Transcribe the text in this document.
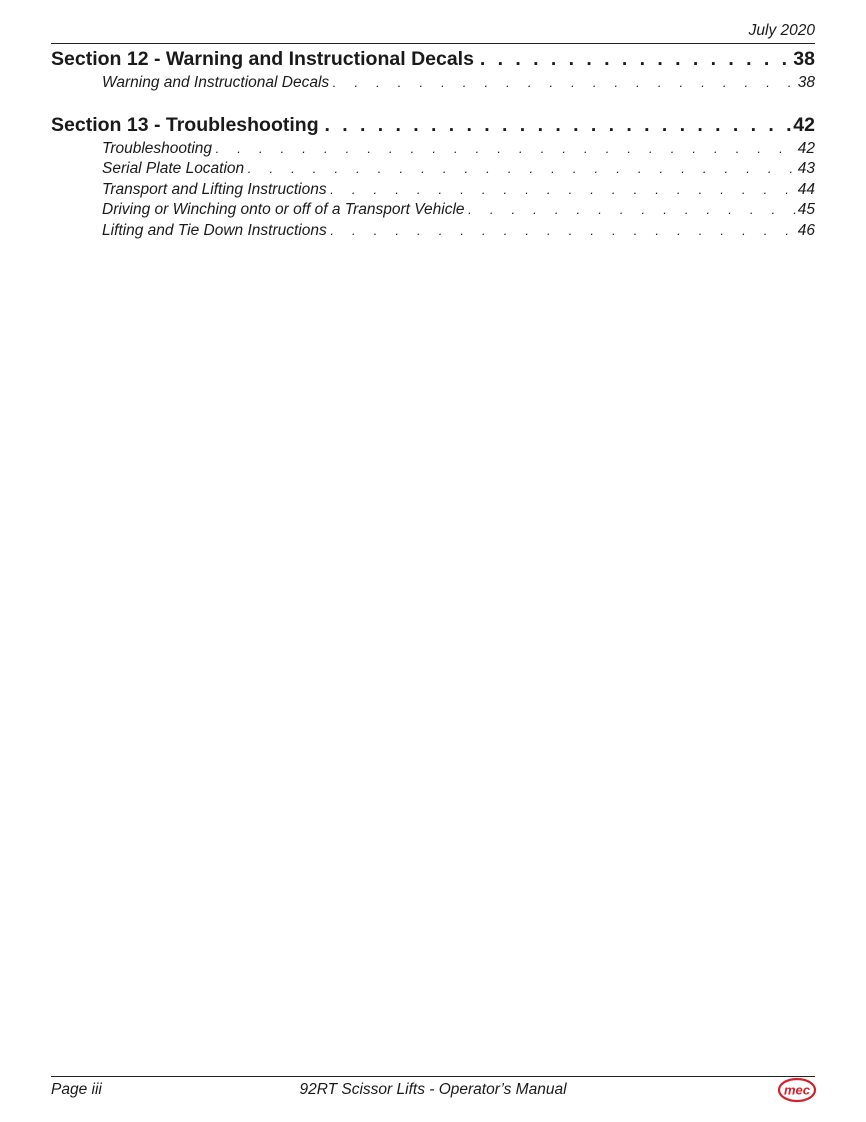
July 2020
Section 12 - Warning and Instructional Decals . .	38
Warning and Instructional Decals .	38
Section 13 - Troubleshooting . .	42
Troubleshooting .	42
Serial Plate Location .	43
Transport and Lifting Instructions .	44
Driving or Winching onto or off of a Transport Vehicle .	45
Lifting and Tie Down Instructions .	46
Page iii	92RT Scissor Lifts - Operator’s Manual	mec
